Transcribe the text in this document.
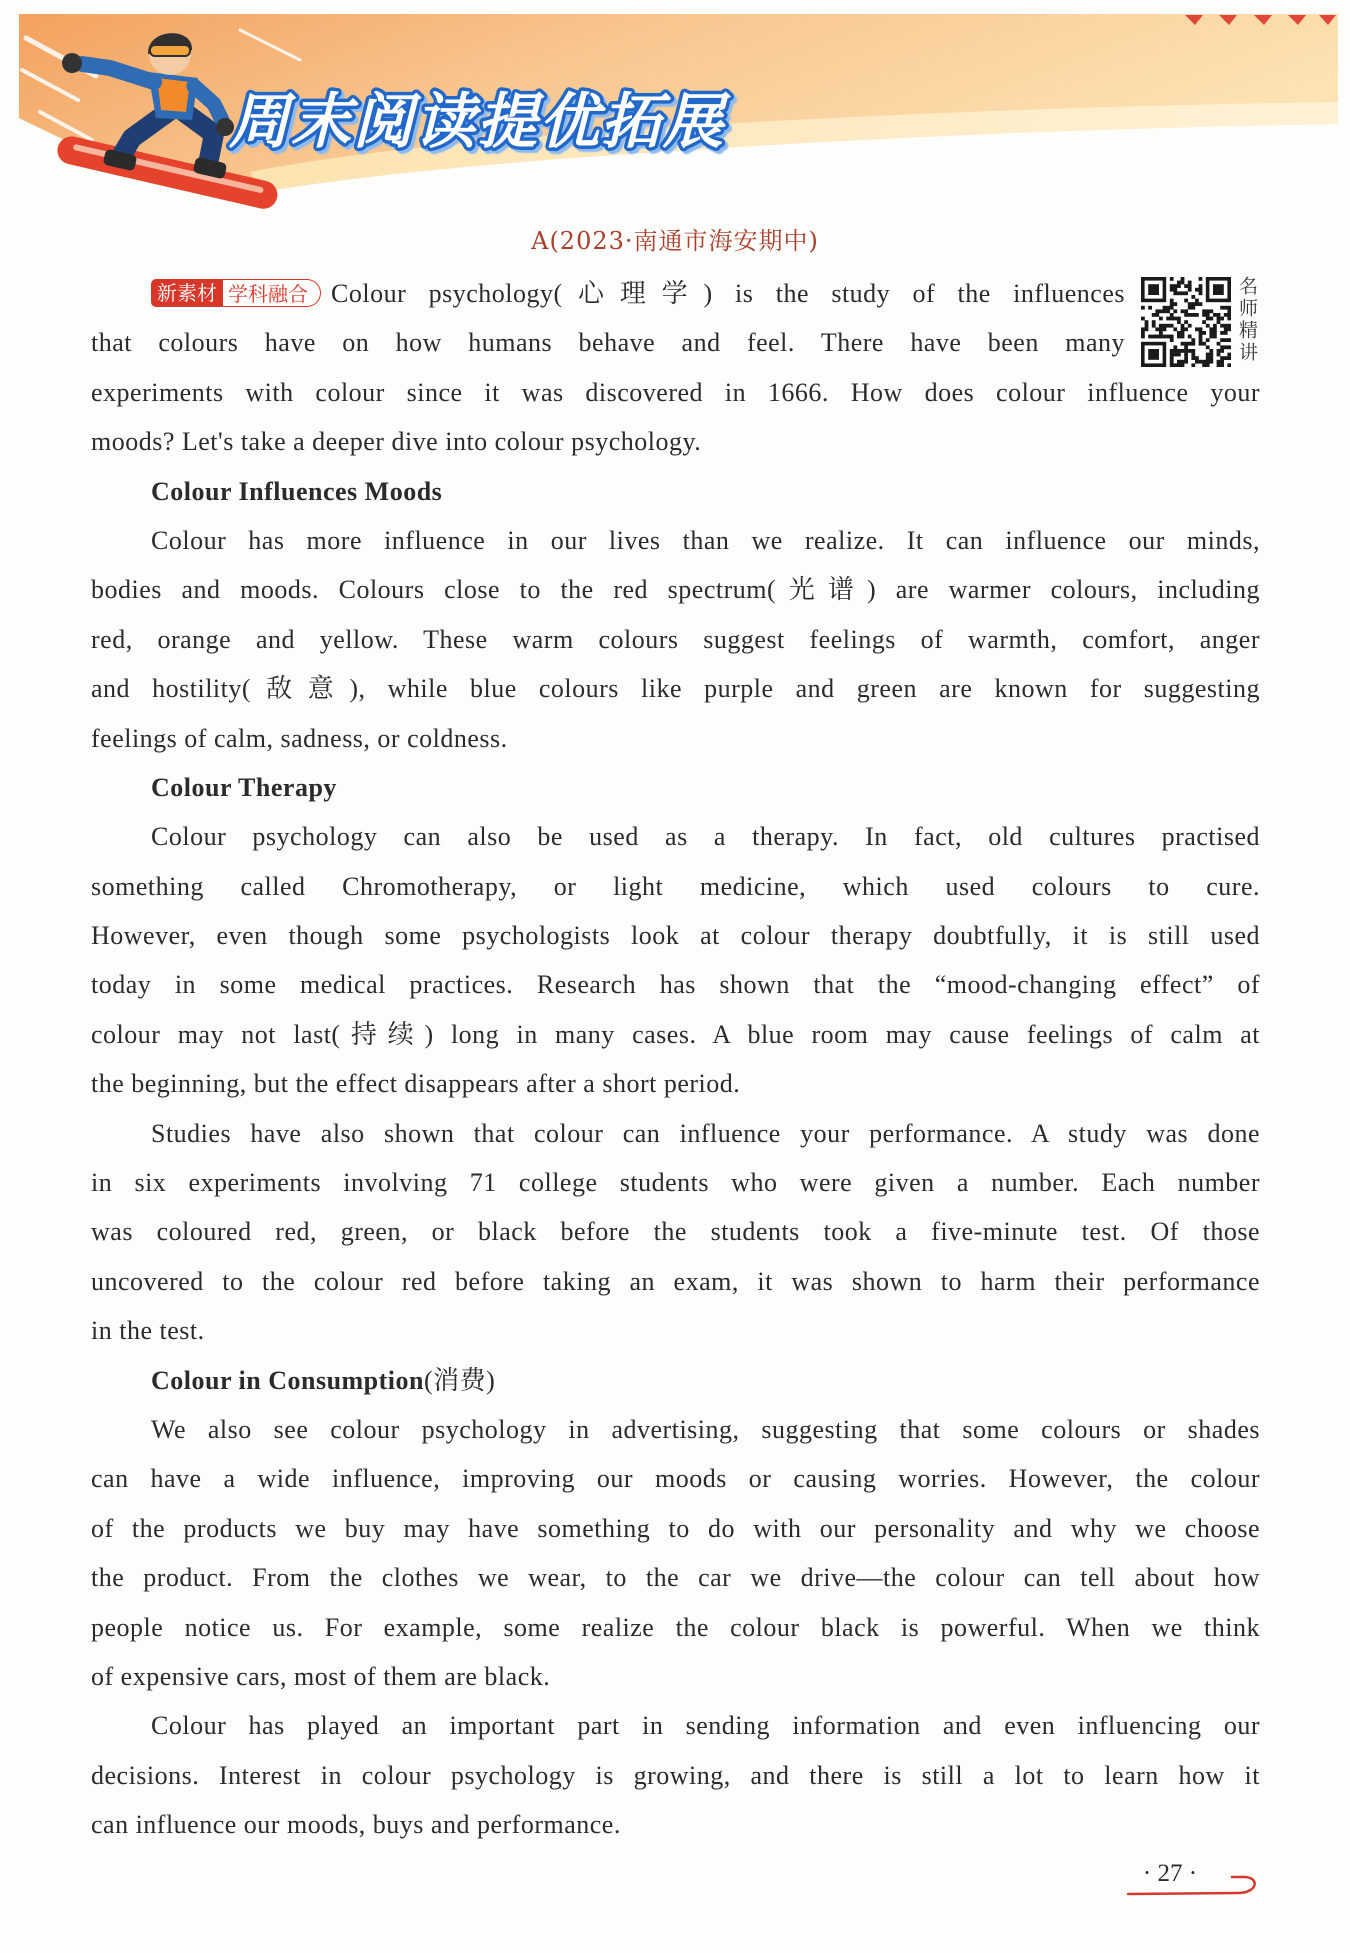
周末阅读提优拓展
A(2023·南通市海安期中)
名师精讲
新素材 学科融合 Colour psychology(心理学) is the study of the influences
that colours have on how humans behave and feel. There have been many
experiments with colour since it was discovered in 1666. How does colour influence your
moods? Let's take a deeper dive into colour psychology.
Colour Influences Moods
Colour has more influence in our lives than we realize. It can influence our minds,
bodies and moods. Colours close to the red spectrum(光谱) are warmer colours, including
red, orange and yellow. These warm colours suggest feelings of warmth, comfort, anger
and hostility(敌意), while blue colours like purple and green are known for suggesting
feelings of calm, sadness, or coldness.
Colour Therapy
Colour psychology can also be used as a therapy. In fact, old cultures practised
something called Chromotherapy, or light medicine, which used colours to cure.
However, even though some psychologists look at colour therapy doubtfully, it is still used
today in some medical practices. Research has shown that the “mood-changing effect” of
colour may not last(持续) long in many cases. A blue room may cause feelings of calm at
the beginning, but the effect disappears after a short period.
Studies have also shown that colour can influence your performance. A study was done
in six experiments involving 71 college students who were given a number. Each number
was coloured red, green, or black before the students took a five-minute test. Of those
uncovered to the colour red before taking an exam, it was shown to harm their performance
in the test.
Colour in Consumption(消费)
We also see colour psychology in advertising, suggesting that some colours or shades
can have a wide influence, improving our moods or causing worries. However, the colour
of the products we buy may have something to do with our personality and why we choose
the product. From the clothes we wear, to the car we drive—the colour can tell about how
people notice us. For example, some realize the colour black is powerful. When we think
of expensive cars, most of them are black.
Colour has played an important part in sending information and even influencing our
decisions. Interest in colour psychology is growing, and there is still a lot to learn how it
can influence our moods, buys and performance.
· 27 ·
